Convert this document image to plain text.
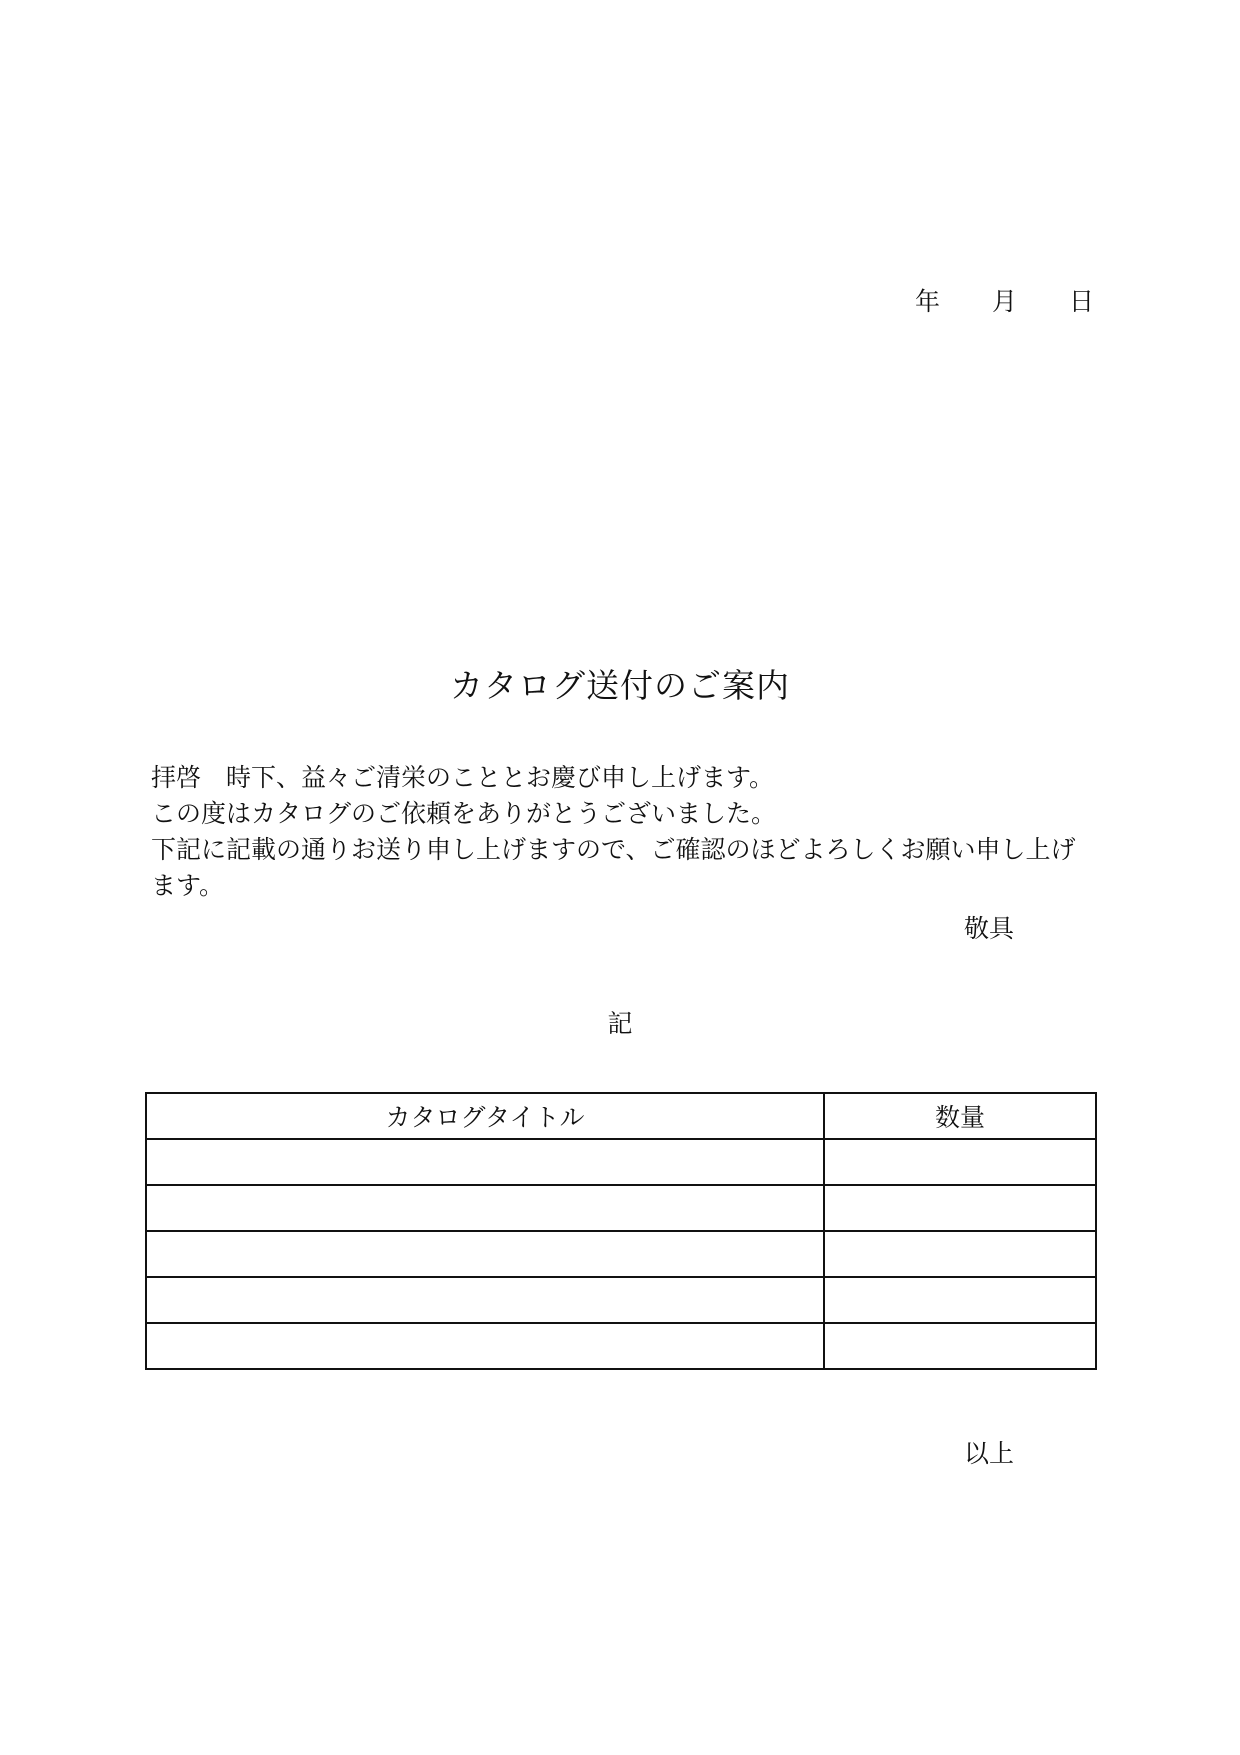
年 月 日
カタログ送付のご案内

拝啓　時下、益々ご清栄のこととお慶び申し上げます。

この度はカタログのご依頼をありがとうございました。

下記に記載の通りお送り申し上げますので、ご確認のほどよろしくお願い申し上げます。

敬具
記
カタログタイトル	数量

以上
